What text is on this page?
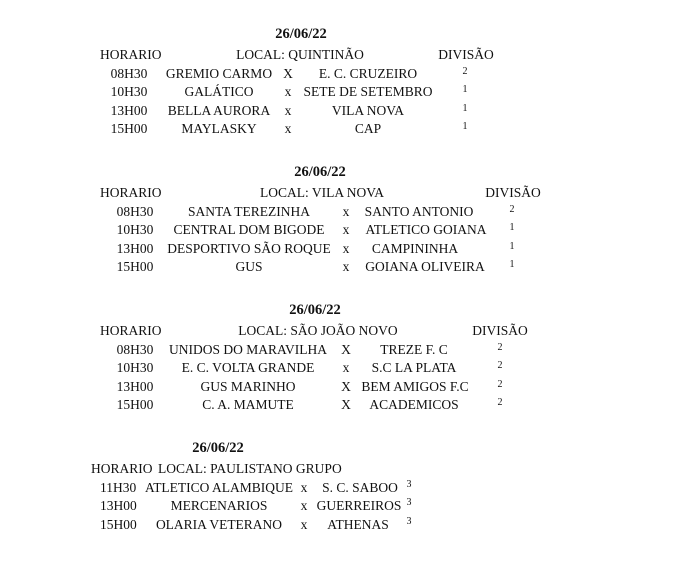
26/06/22
HORARIO	LOCAL: QUINTINÃO	DIVISÃO
08H30 GREMIO CARMO X E. C. CRUZEIRO	2
10H30	GALÁTICO x SETE DE SETEMBRO	1
13H00 BELLA AURORA x	VILA NOVA	1
15H00	MAYLASKY x	CAP	1
26/06/22
HORARIO	LOCAL: VILA NOVA	DIVISÃO
08H30	SANTA TEREZINHA x SANTO ANTONIO	2
10H30 CENTRAL DOM BIGODE x ATLETICO GOIANA 1
13H00 DESPORTIVO SÃO ROQUE x CAMPININHA	1
15H00	GUS	x GOIANA OLIVEIRA 1
26/06/22
HORARIO	LOCAL: SÃO JOÃO NOVO	DIVISÃO
08H30 UNIDOS DO MARAVILHA X TREZE F. C	2
10H30 E. C. VOLTA GRANDE x S.C LA PLATA	2
13H00	GUS MARINHO	X BEM AMIGOS F.C	2
15H00	C. A. MAMUTE	X ACADEMICOS	2
26/06/22
HORARIO LOCAL: PAULISTANO GRUPO
11H30 ATLETICO ALAMBIQUE x S. C. SABOO 3
13H00	MERCENARIOS x GUERREIROS 3
15H00 OLARIA VETERANO x ATHENAS 3
